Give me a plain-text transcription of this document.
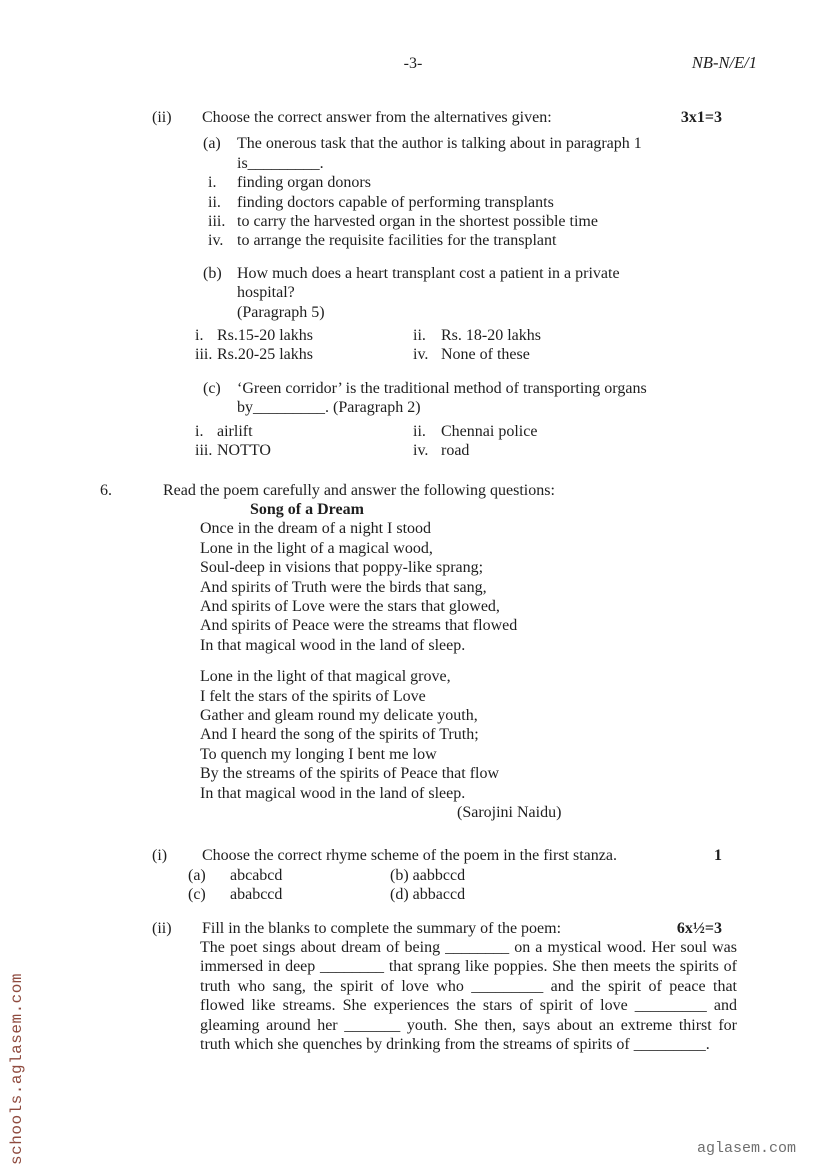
-3-	NB-N/E/1
(ii)	Choose the correct answer from the alternatives given:	3x1=3
(a)	The onerous task that the author is talking about in paragraph 1
is_________.
i.	finding organ donors
ii.	finding doctors capable of performing transplants
iii. to carry the harvested organ in the shortest possible time
iv. to arrange the requisite facilities for the transplant
(b) How much does a heart transplant cost a patient in a private hospital?
(Paragraph 5)
i. Rs.15-20 lakhs	ii. Rs. 18-20 lakhs
iii. Rs.20-25 lakhs	iv. None of these
(c)	‘Green corridor’ is the traditional method of transporting organs
by_________. (Paragraph 2)
i. airlift	ii. Chennai police
iii. NOTTO	iv. road
6.	Read the poem carefully and answer the following questions:
Song of a Dream
Once in the dream of a night I stood
Lone in the light of a magical wood,
Soul-deep in visions that poppy-like sprang;
And spirits of Truth were the birds that sang,
And spirits of Love were the stars that glowed,
And spirits of Peace were the streams that flowed
In that magical wood in the land of sleep.
Lone in the light of that magical grove,
I felt the stars of the spirits of Love
Gather and gleam round my delicate youth,
And I heard the song of the spirits of Truth;
To quench my longing I bent me low
By the streams of the spirits of Peace that flow
In that magical wood in the land of sleep.
(Sarojini Naidu)
(i)	Choose the correct rhyme scheme of the poem in the first stanza.	1
(a)	abcabcd	(b) aabbccd
(c)	ababccd	(d) abbaccd
(ii)	Fill in the blanks to complete the summary of the poem:	6x½=3
The poet sings about dream of being ________ on a mystical wood. Her soul was immersed in deep ________ that sprang like poppies. She then meets the spirits of truth who sang, the spirit of love who _________ and the spirit of peace that flowed like streams. She experiences the stars of spirit of love _________ and gleaming around her _______ youth. She then, says about an extreme thirst for truth which she quenches by drinking from the streams of spirits of _________.
schools.aglasem.com	aglasem.com
